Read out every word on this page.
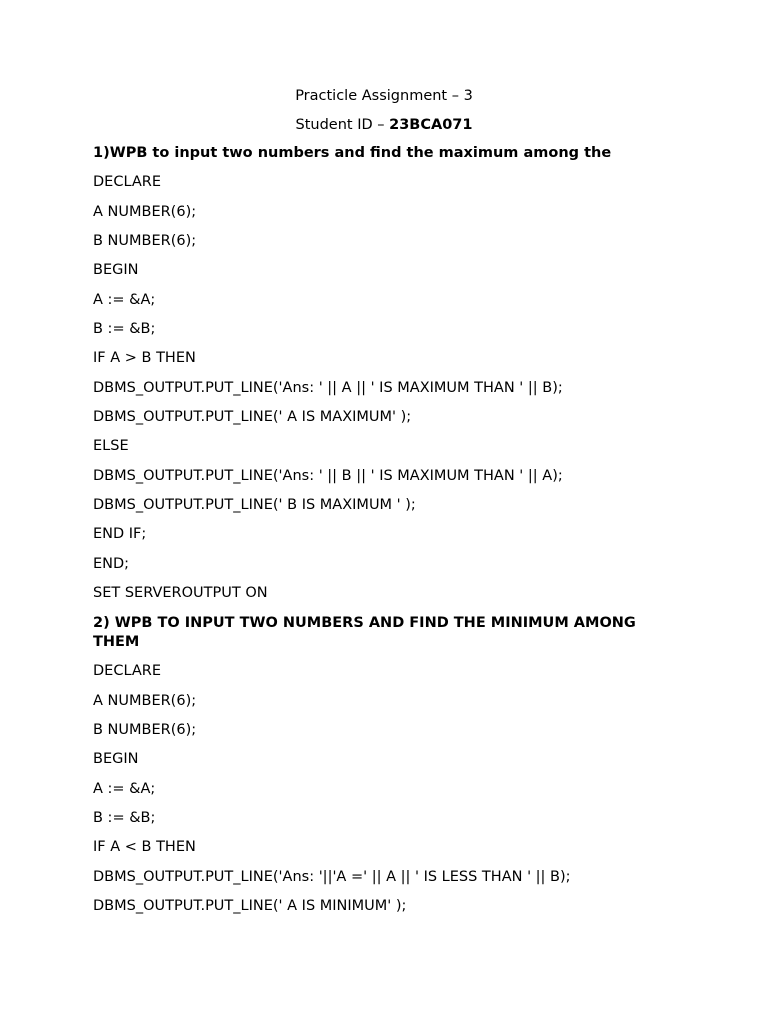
Practicle Assignment – 3
Student ID – 23BCA071
1)WPB to input two numbers and find the maximum among the
DECLARE
A NUMBER(6);
B NUMBER(6);
BEGIN
A := &A;
B := &B;
IF A > B THEN
DBMS_OUTPUT.PUT_LINE('Ans: ' || A || ' IS MAXIMUM THAN ' || B);
DBMS_OUTPUT.PUT_LINE(' A IS MAXIMUM' );
ELSE
DBMS_OUTPUT.PUT_LINE('Ans: ' || B || ' IS MAXIMUM THAN ' || A);
DBMS_OUTPUT.PUT_LINE(' B IS MAXIMUM ' );
END IF;
END;
SET SERVEROUTPUT ON
2) WPB TO INPUT TWO NUMBERS AND FIND THE MINIMUM AMONG THEM
DECLARE
A NUMBER(6);
B NUMBER(6);
BEGIN
A := &A;
B := &B;
IF A < B THEN
DBMS_OUTPUT.PUT_LINE('Ans: '||'A =' || A || ' IS LESS THAN ' || B);
DBMS_OUTPUT.PUT_LINE(' A IS MINIMUM' );
